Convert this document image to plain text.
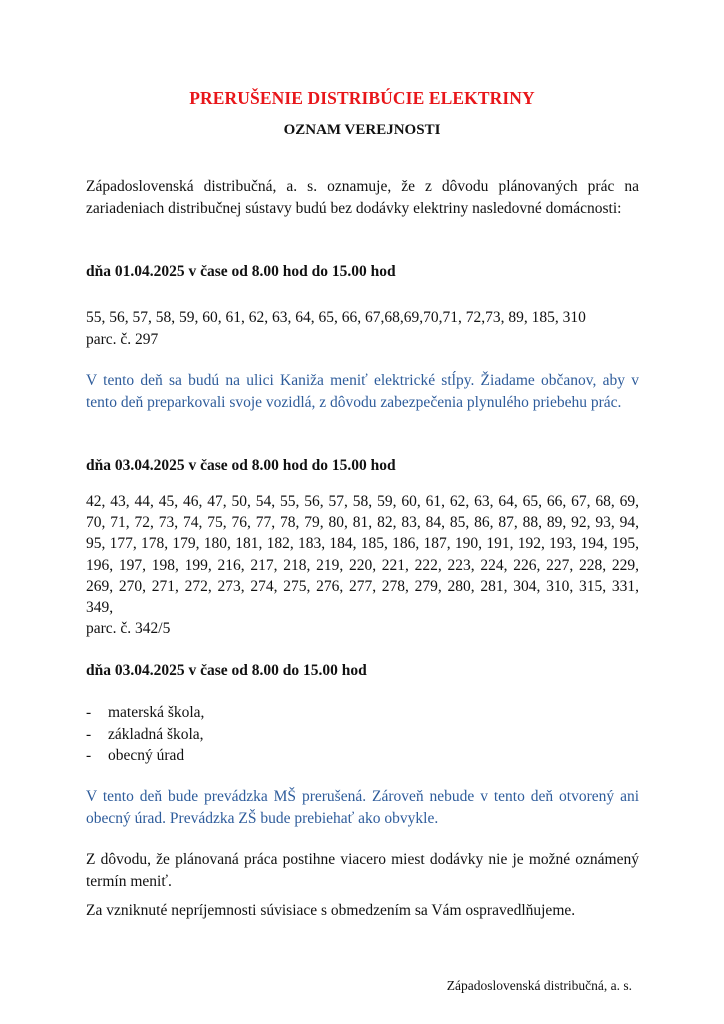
PRERUŠENIE DISTRIBÚCIE ELEKTRINY
OZNAM VEREJNOSTI
Západoslovenská distribučná, a. s. oznamuje, že z dôvodu plánovaných prác na zariadeniach distribučnej sústavy budú bez dodávky elektriny nasledovné domácnosti:
dňa 01.04.2025 v čase od 8.00 hod do 15.00 hod
55, 56, 57, 58, 59, 60, 61, 62, 63, 64, 65, 66, 67,68,69,70,71, 72,73, 89, 185, 310
parc. č. 297
V tento deň sa budú na ulici Kaniža meniť elektrické stĺpy. Žiadame občanov, aby v tento deň preparkovali svoje vozidlá, z dôvodu zabezpečenia plynulého priebehu prác.
dňa 03.04.2025 v čase od 8.00 hod do 15.00 hod
42, 43, 44, 45, 46, 47, 50, 54, 55, 56, 57, 58, 59, 60, 61, 62, 63, 64, 65, 66, 67, 68, 69, 70, 71, 72, 73, 74, 75, 76, 77, 78, 79, 80, 81, 82, 83, 84, 85, 86, 87, 88, 89, 92, 93, 94, 95, 177, 178, 179, 180, 181, 182, 183, 184, 185, 186, 187, 190, 191, 192, 193, 194, 195, 196, 197, 198, 199, 216, 217, 218, 219, 220, 221, 222, 223, 224, 226, 227, 228, 229, 269, 270, 271, 272, 273, 274, 275, 276, 277, 278, 279, 280, 281, 304, 310, 315, 331, 349,
parc. č. 342/5
dňa 03.04.2025 v čase od 8.00 do 15.00 hod
- materská škola,
- základná škola,
- obecný úrad
V tento deň bude prevádzka MŠ prerušená. Zároveň nebude v tento deň otvorený ani obecný úrad. Prevádzka ZŠ bude prebiehať ako obvykle.
Z dôvodu, že plánovaná práca postihne viacero miest dodávky nie je možné oznámený termín meniť.
Za vzniknuté nepríjemnosti súvisiace s obmedzením sa Vám ospravedlňujeme.
Západoslovenská distribučná, a. s.
